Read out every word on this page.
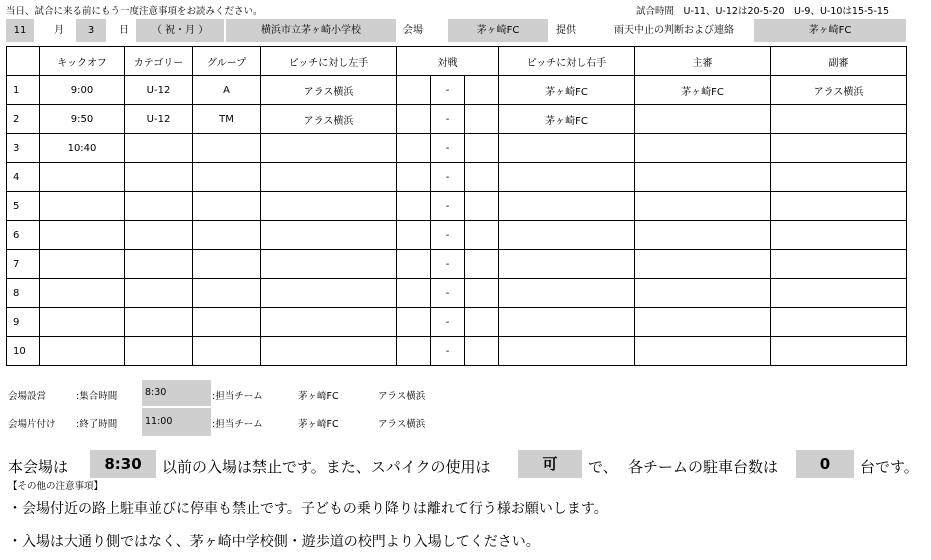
当日、試合に来る前にもう一度注意事項をお読みください。	試合時間　U-11、U-12は20-5-20　U-9、U-10は15-5-15
11	月	3	日	（ 祝・月 ）	横浜市立茅ヶ崎小学校	会場	茅ヶ崎FC	提供	雨天中止の判断および連絡	茅ヶ崎FC
	キックオフ	カテゴリー	グループ	ピッチに対し左手	対戦			ピッチに対し右手	主審	副審
1	9:00	U-12	A	アラス横浜		-		茅ヶ崎FC	茅ヶ崎FC	アラス横浜
2	9:50	U-12	TM	アラス横浜		-		茅ヶ崎FC		
3	10:40					-				
4						-				
5						-				
6						-				
7						-				
8						-				
9						-				
10						-				
会場設営	:集合時間	8:30	:担当チーム	茅ヶ崎FC	アラス横浜
会場片付け :終了時間	11:00	:担当チーム	茅ヶ崎FC	アラス横浜
本会場は	8:30	以前の入場は禁止です。また、スパイクの使用は	可	で、 各チームの駐車台数は	0	台です。
【その他の注意事項】
・会場付近の路上駐車並びに停車も禁止です。子どもの乗り降りは離れて行う様お願いします。
・入場は大通り側ではなく、茅ヶ崎中学校側・遊歩道の校門より入場してください。
